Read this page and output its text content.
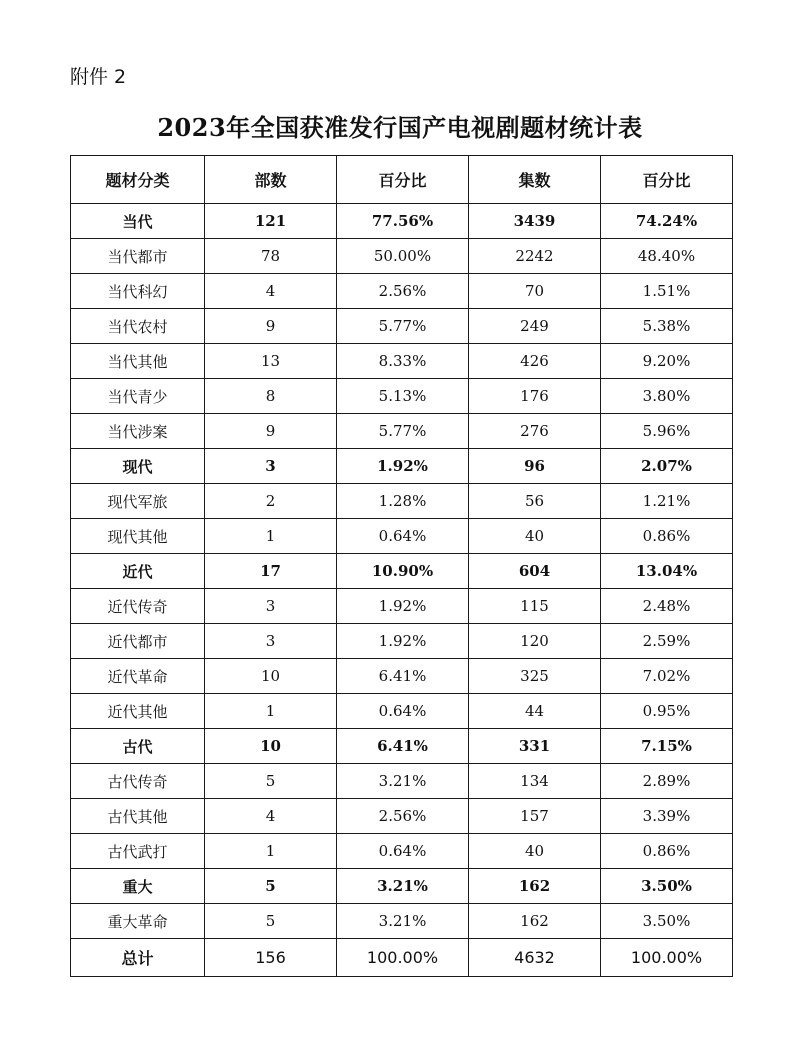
附件 2
2023年全国获准发行国产电视剧题材统计表
题材分类	部数	百分比	集数	百分比
当代	121	77.56%	3439	74.24%
当代都市	78	50.00%	2242	48.40%
当代科幻	4	2.56%	70	1.51%
当代农村	9	5.77%	249	5.38%
当代其他	13	8.33%	426	9.20%
当代青少	8	5.13%	176	3.80%
当代涉案	9	5.77%	276	5.96%
现代	3	1.92%	96	2.07%
现代军旅	2	1.28%	56	1.21%
现代其他	1	0.64%	40	0.86%
近代	17	10.90%	604	13.04%
近代传奇	3	1.92%	115	2.48%
近代都市	3	1.92%	120	2.59%
近代革命	10	6.41%	325	7.02%
近代其他	1	0.64%	44	0.95%
古代	10	6.41%	331	7.15%
古代传奇	5	3.21%	134	2.89%
古代其他	4	2.56%	157	3.39%
古代武打	1	0.64%	40	0.86%
重大	5	3.21%	162	3.50%
重大革命	5	3.21%	162	3.50%
总计	156	100.00%	4632	100.00%
